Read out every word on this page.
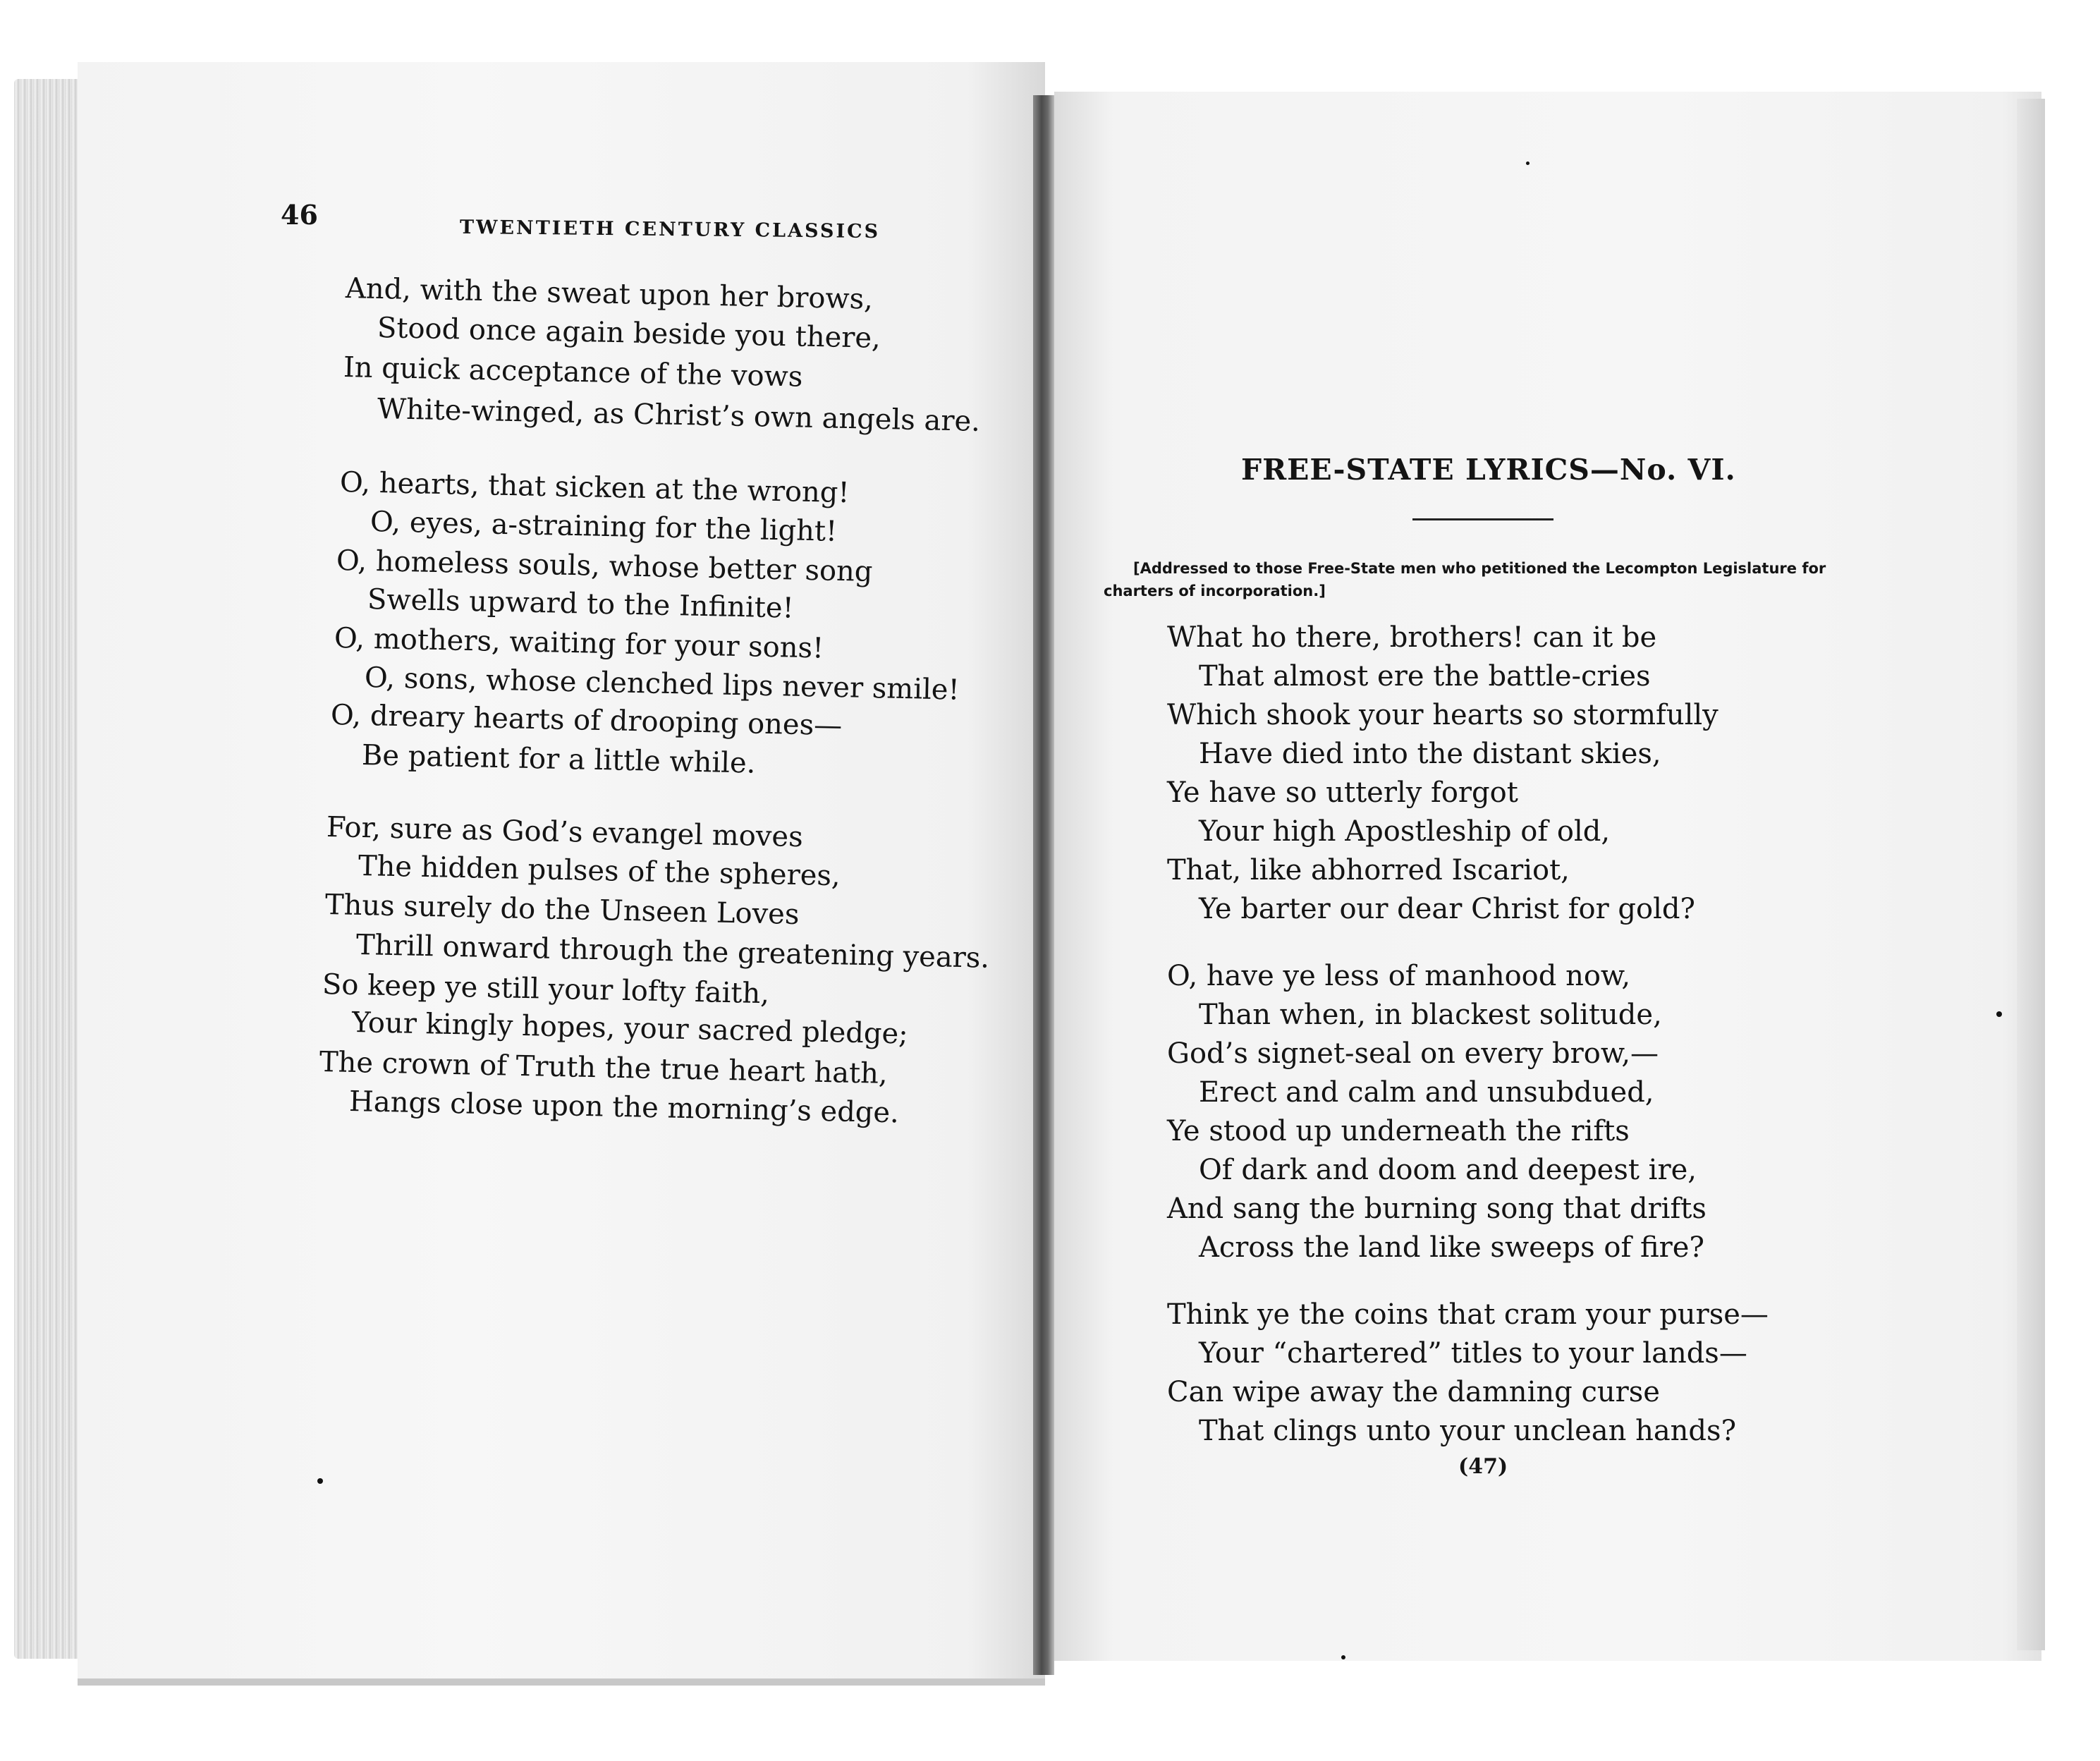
46	TWENTIETH CENTURY CLASSICS
And, with the sweat upon her brows,
Stood once again beside you there,
In quick acceptance of the vows
White-winged, as Christ’s own angels are.
O, hearts, that sicken at the wrong!
O, eyes, a-straining for the light!
O, homeless souls, whose better song
Swells upward to the Infinite!
O, mothers, waiting for your sons!
O, sons, whose clenched lips never smile!
O, dreary hearts of drooping ones—
Be patient for a little while.
For, sure as God’s evangel moves
The hidden pulses of the spheres,
Thus surely do the Unseen Loves
Thrill onward through the greatening years.
So keep ye still your lofty faith,
Your kingly hopes, your sacred pledge;
The crown of Truth the true heart hath,
Hangs close upon the morning’s edge.
FREE-STATE LYRICS—No. VI.
[Addressed to those Free-State men who petitioned the Lecompton Legislature for
charters of incorporation.]
What ho there, brothers! can it be
That almost ere the battle-cries
Which shook your hearts so stormfully
Have died into the distant skies,
Ye have so utterly forgot
Your high Apostleship of old,
That, like abhorred Iscariot,
Ye barter our dear Christ for gold?
O, have ye less of manhood now,
Than when, in blackest solitude,
God’s signet-seal on every brow,—
Erect and calm and unsubdued,
Ye stood up underneath the rifts
Of dark and doom and deepest ire,
And sang the burning song that drifts
Across the land like sweeps of fire?
Think ye the coins that cram your purse—
Your “chartered” titles to your lands—
Can wipe away the damning curse
That clings unto your unclean hands?
(47)
